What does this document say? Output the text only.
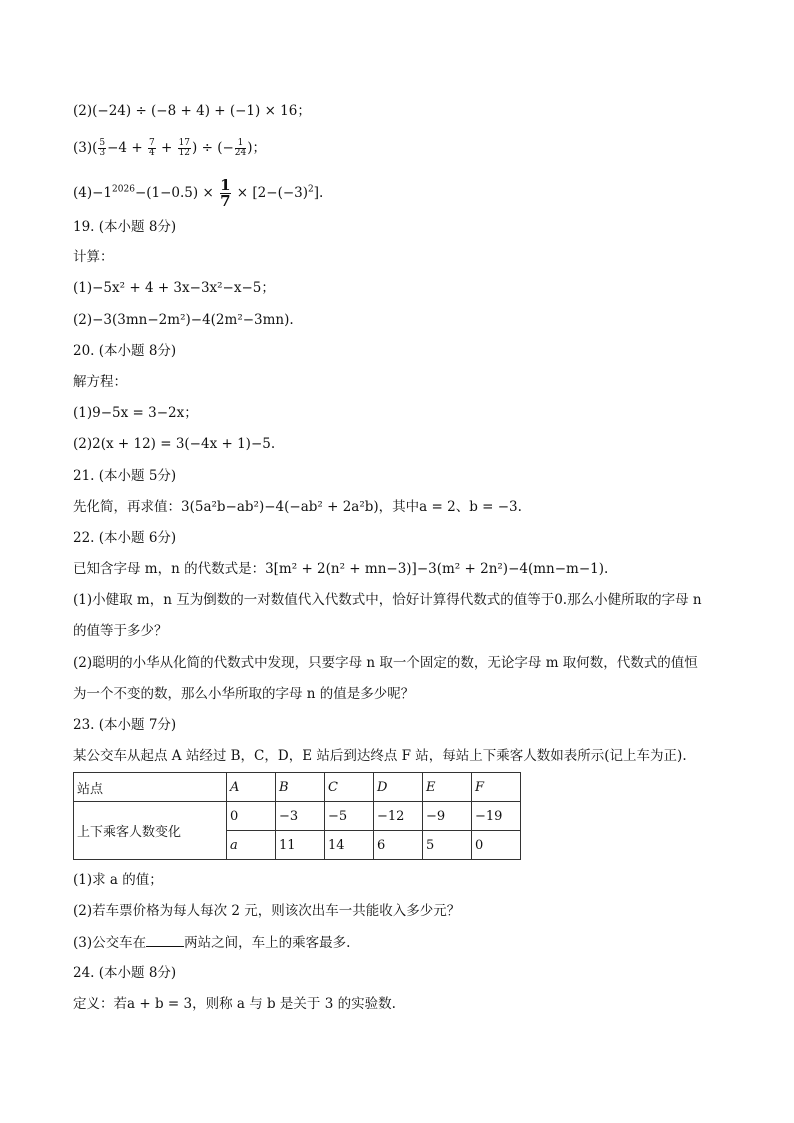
(2)(−24) ÷ (−8 + 4) + (−1) × 16；
$(3)( \frac{5}{3} -4 + \frac{7}{4} + \frac{17}{12}$ ) ÷ (− $\frac{1}{24}$ )；
$(4)-1^{2026}-(1-0.5) \times \frac{1}{7} \times [2-(-3)^2]$.
19. (本小题 8分)
计算：
(1)−5x² + 4 + 3x−3x²−x−5；
(2)−3(3mn−2m²)−4(2m²−3mn).
20. (本小题 8分)
解方程：
(1)9−5x = 3−2x；
(2)2(x + 12) = 3(−4x + 1)−5.
21. (本小题 5分)
先化简，再求值：3(5a²b−ab²)−4(−ab² + 2a²b)，其中a = 2、b = −3.
22. (本小题 6分)
已知含字母 m，n 的代数式是：3[m² + 2(n² + mn−3)]−3(m² + 2n²)−4(mn−m−1).
(1)小健取 m，n 互为倒数的一对数值代入代数式中，恰好计算得代数式的值等于0.那么小健所取的字母 n
的值等于多少？
(2)聪明的小华从化简的代数式中发现，只要字母 n 取一个固定的数，无论字母 m 取何数，代数式的值恒
为一个不变的数，那么小华所取的字母 n 的值是多少呢？
23. (本小题 7分)
某公交车从起点 A 站经过 B，C，D，E 站后到达终点 F 站，每站上下乘客人数如表所示(记上车为正).
站点	A	B	C	D	E	F
上下乘客人数变化	0	−3	−5	−12	−9	−19
	a	11	14	6	5	0
(1)求 a 的值；
(2)若车票价格为每人每次 2 元，则该次出车一共能收入多少元？
(3)公交车在	两站之间，车上的乘客最多.
24. (本小题 8分)
定义：若a + b = 3，则称 a 与 b 是关于 3 的实验数.
